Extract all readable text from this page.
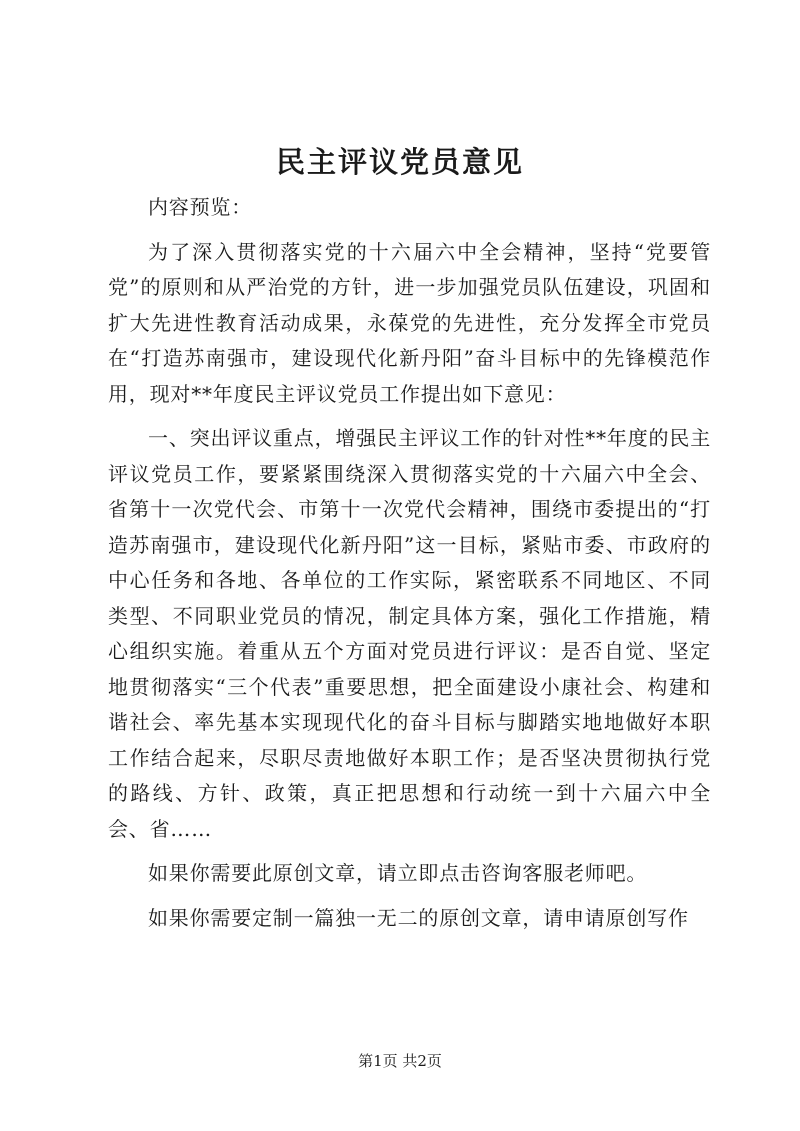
民主评议党员意见

内容预览：

为了深入贯彻落实党的十六届六中全会精神，坚持“党要管党”的原则和从严治党的方针，进一步加强党员队伍建设，巩固和扩大先进性教育活动成果，永葆党的先进性，充分发挥全市党员在“打造苏南强市，建设现代化新丹阳”奋斗目标中的先锋模范作用，现对**年度民主评议党员工作提出如下意见：

一、突出评议重点，增强民主评议工作的针对性**年度的民主评议党员工作，要紧紧围绕深入贯彻落实党的十六届六中全会、省第十一次党代会、市第十一次党代会精神，围绕市委提出的“打造苏南强市，建设现代化新丹阳”这一目标，紧贴市委、市政府的中心任务和各地、各单位的工作实际，紧密联系不同地区、不同类型、不同职业党员的情况，制定具体方案，强化工作措施，精心组织实施。着重从五个方面对党员进行评议：是否自觉、坚定地贯彻落实“三个代表”重要思想，把全面建设小康社会、构建和谐社会、率先基本实现现代化的奋斗目标与脚踏实地地做好本职工作结合起来，尽职尽责地做好本职工作；是否坚决贯彻执行党的路线、方针、政策，真正把思想和行动统一到十六届六中全会、省……

如果你需要此原创文章，请立即点击咨询客服老师吧。

如果你需要定制一篇独一无二的原创文章，请申请原创写作

第1页 共2页
